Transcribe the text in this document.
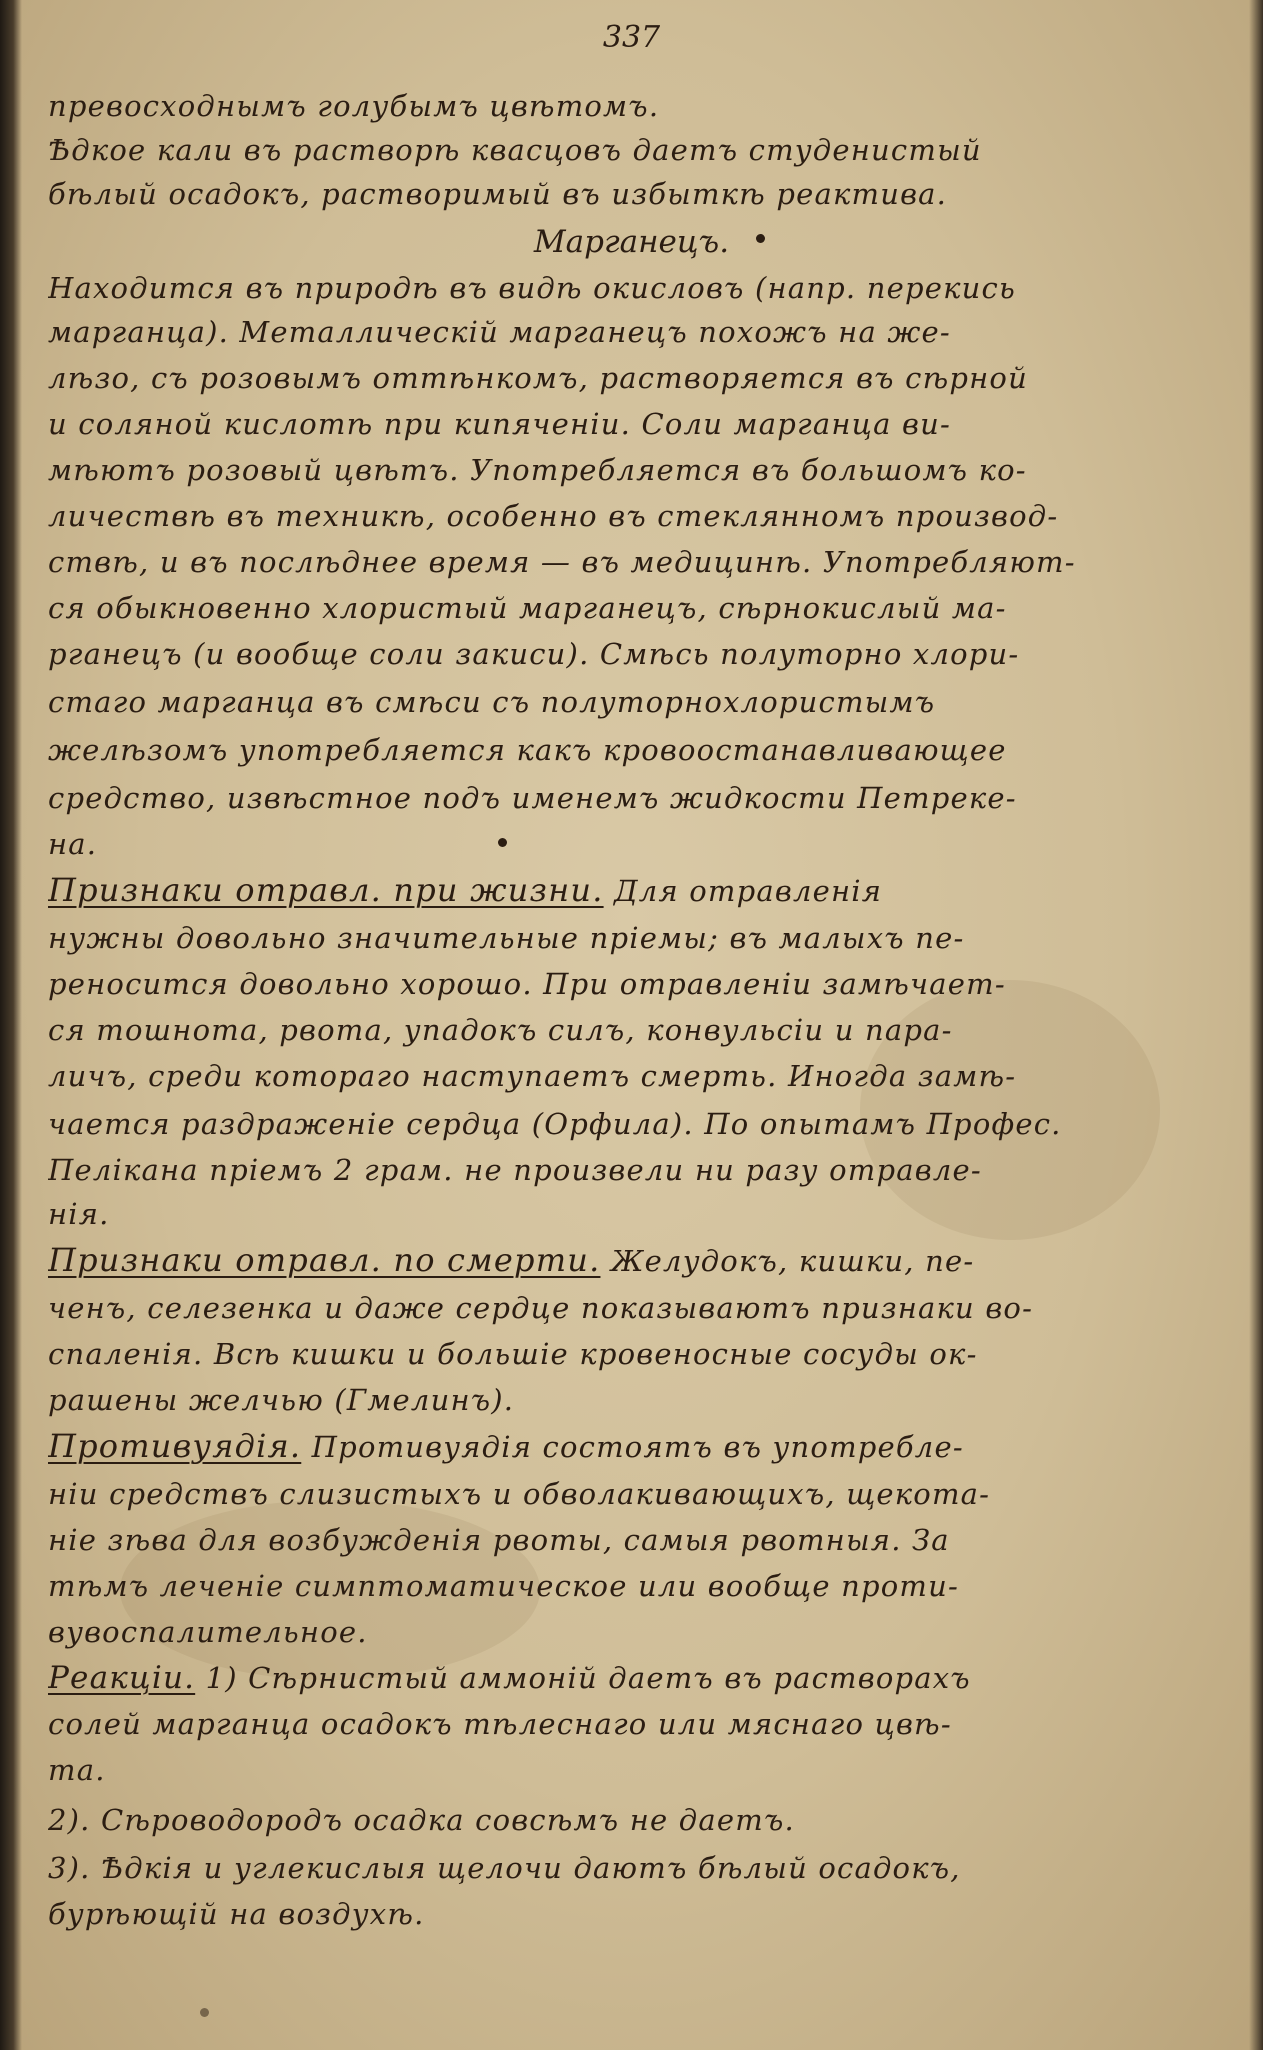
337
превосходнымъ голубымъ цвѣтомъ.
Ѣдкое кали въ растворѣ квасцовъ даетъ студенистый
бѣлый осадокъ, растворимый въ избыткѣ реактива.
Марганецъ.
Находится въ природѣ въ видѣ окисловъ (напр. перекись
марганца). Металлическій марганецъ похожъ на же-
лѣзо, съ розовымъ оттѣнкомъ, растворяется въ сѣрной
и соляной кислотѣ при кипяченіи. Соли марганца ви-
мѣютъ розовый цвѣтъ. Употребляется въ большомъ ко-
личествѣ въ техникѣ, особенно въ стеклянномъ производ-
ствѣ, и въ послѣднее время — въ медицинѣ. Употребляют-
ся обыкновенно хлористый марганецъ, сѣрнокислый ма-
рганецъ (и вообще соли закиси). Смѣсь полуторно хлори-
стаго марганца въ смѣси съ полуторнохлористымъ
желѣзомъ употребляется какъ кровоостанавливающее
средство, извѣстное подъ именемъ жидкости Петреке-
на.
Признаки отравл. при жизни. Для отравленія
нужны довольно значительные пріемы; въ малыхъ пе-
реносится довольно хорошо. При отравленіи замѣчает-
ся тошнота, рвота, упадокъ силъ, конвульсіи и пара-
личъ, среди котораго наступаетъ смерть. Иногда замѣ-
чается раздраженіе сердца (Орфила). По опытамъ Профес.
Пелікана пріемъ 2 грам. не произвели ни разу отравле-
нія.
Признаки отравл. по смерти. Желудокъ, кишки, пе-
ченъ, селезенка и даже сердце показываютъ признаки во-
спаленія. Всѣ кишки и большіе кровеносные сосуды ок-
рашены желчью (Гмелинъ).
Противуядія. Противуядія состоятъ въ употребле-
ніи средствъ слизистыхъ и обволакивающихъ, щекота-
ніе зѣва для возбужденія рвоты, самыя рвотныя. За
тѣмъ леченіе симптоматическое или вообще проти-
вувоспалительное.
Реакціи. 1) Сѣрнистый аммоній даетъ въ растворахъ
солей марганца осадокъ тѣлеснаго или мяснаго цвѣ-
та.
2). Сѣроводородъ осадка совсѣмъ не даетъ.
3). Ѣдкія и углекислыя щелочи даютъ бѣлый осадокъ,
бурѣющій на воздухѣ.
